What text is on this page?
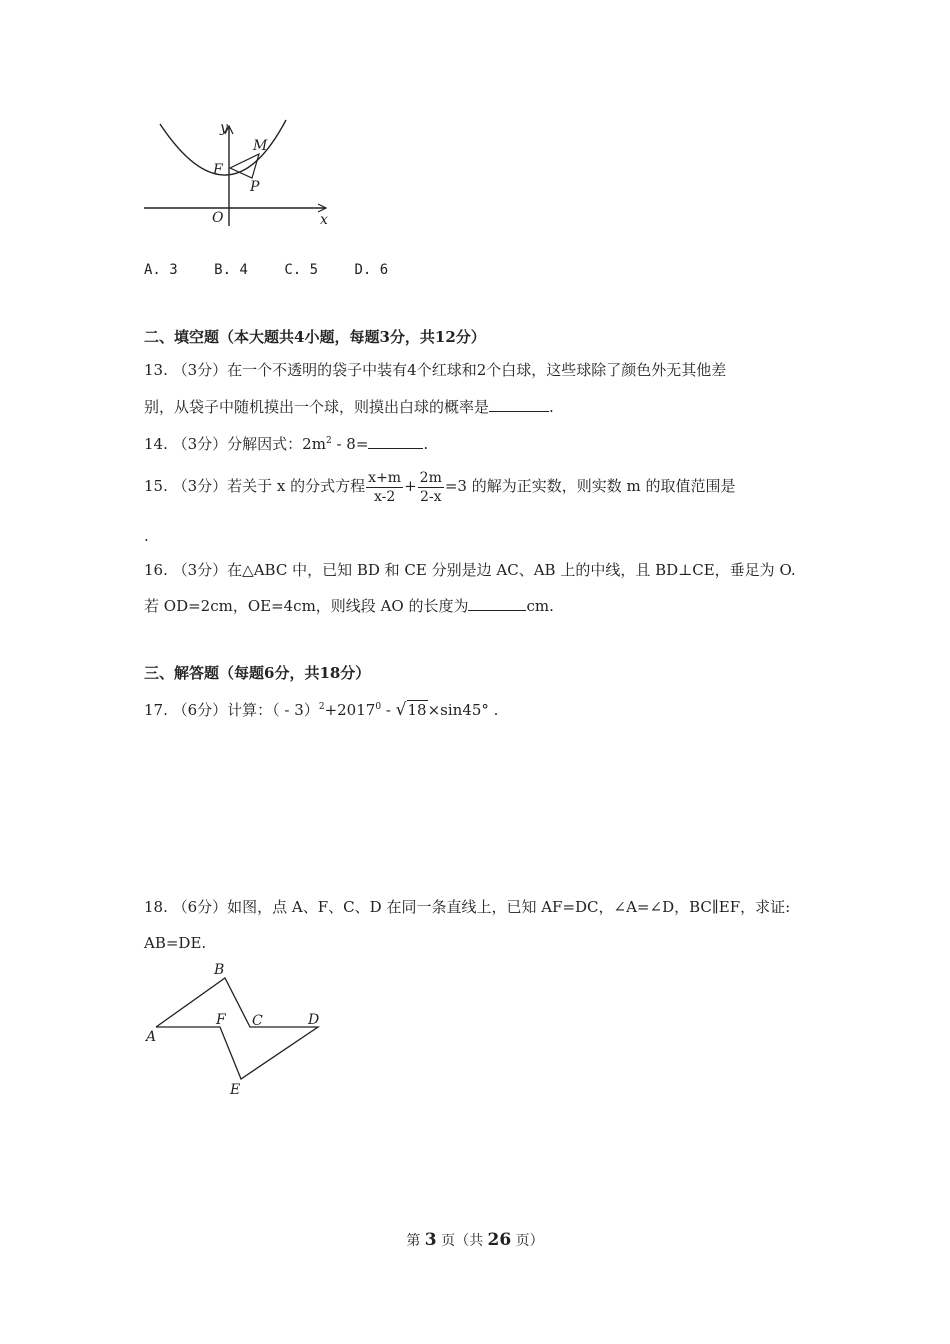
y
x
O
F
M
P
A. 3	B. 4	C. 5	D. 6
二、填空题（本大题共4小题，每题3分，共12分）
13. （3分）在一个不透明的袋子中装有4个红球和2个白球，这些球除了颜色外无其他差
别，从袋子中随机摸出一个球，则摸出白球的概率是	.
14. （3分）分解因式：$2m^2 - 8=$	.
15. （3分）若关于 x 的分式方程 $\frac{x+m}{x-2} + \frac{2m}{2-x} =3$ 的解为正实数，则实数 m 的取值范围是
.
16. （3分）在△ABC 中，已知 BD 和 CE 分别是边 AC、AB 上的中线，且 BD⊥CE，垂足为 O.
若 OD=2cm，OE=4cm，则线段 AO 的长度为	cm.
三、解答题（每题6分，共18分）
17. （6分）计算：（ - $3)^2+2017^0 - √18\times\sin 45^\circ$ .
18. （6分）如图，点 A、F、C、D 在同一条直线上，已知 AF=DC，∠A=∠D，BC∥EF，求证:
AB=DE.
A
B
C	D
E
F
第 3 页（共 26 页）
